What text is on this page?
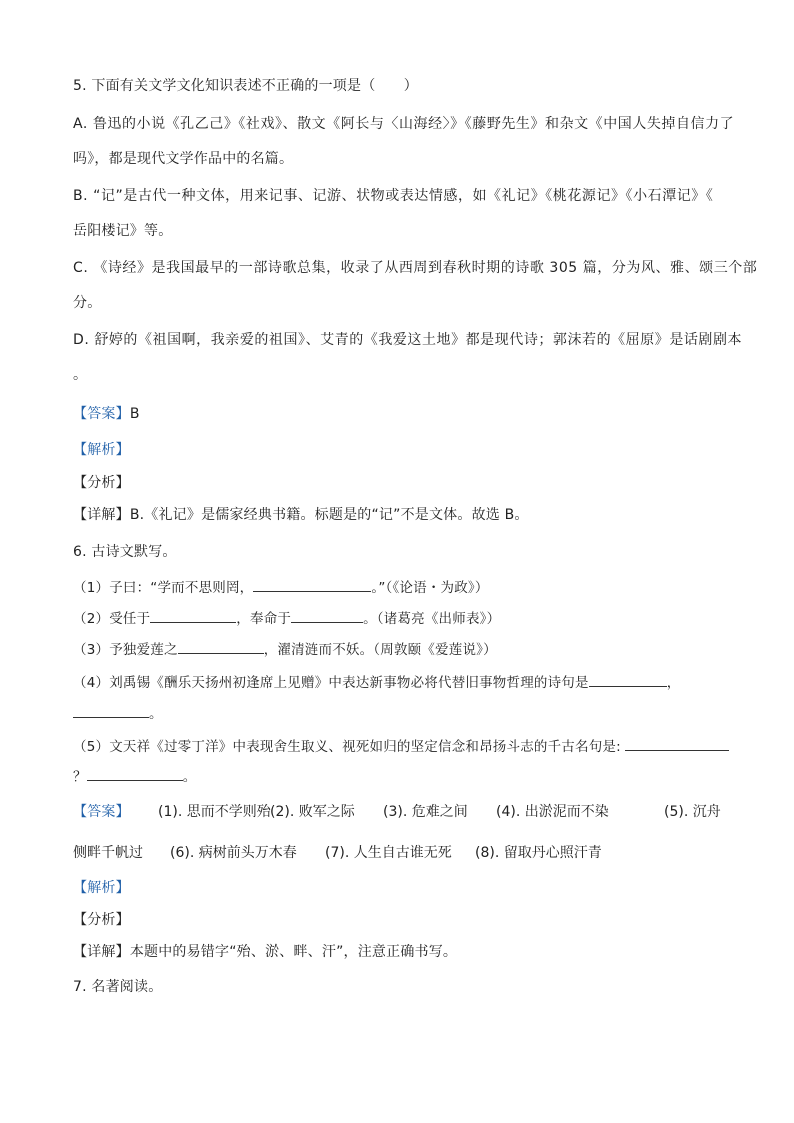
5. 下面有关文学文化知识表述不正确的一项是（　　）
A. 鲁迅的小说《孔乙己》《社戏》、散文《阿长与〈山海经〉》《藤野先生》和杂文《中国人失掉自信力了
吗》，都是现代文学作品中的名篇。
B. “记”是古代一种文体，用来记事、记游、状物或表达情感，如《礼记》《桃花源记》《小石潭记》《
岳阳楼记》等。
C. 《诗经》是我国最早的一部诗歌总集，收录了从西周到春秋时期的诗歌 305 篇，分为风、雅、颂三个部
分。
D. 舒婷的《祖国啊，我亲爱的祖国》、艾青的《我爱这土地》都是现代诗；郭沫若的《屈原》是话剧剧本
。
【答案】B
【解析】
【分析】
【详解】B.《礼记》是儒家经典书籍。标题是的“记”不是文体。故选 B。
6. 古诗文默写。
（1）子曰：“学而不思则罔，	。”（《论语・为政》）
（2）受任于	，奉命于	。（诸葛亮《出师表》）
（3）予独爱莲之	，濯清涟而不妖。（周敦颐《爱莲说》）
（4）刘禹锡《酬乐天扬州初逢席上见赠》中表达新事物必将代替旧事物哲理的诗句是	，
。
（5）文天祥《过零丁洋》中表现舍生取义、视死如归的坚定信念和昂扬斗志的千古名句是:
？	。
【答案】 (1). 思而不学则殆 (2). 败军之际 (3). 危难之间 (4). 出淤泥而不染	(5). 沉舟
侧畔千帆过 (6). 病树前头万木春 (7). 人生自古谁无死 (8). 留取丹心照汗青
【解析】
【分析】
【详解】本题中的易错字“殆、淤、畔、汗”，注意正确书写。
7. 名著阅读。
